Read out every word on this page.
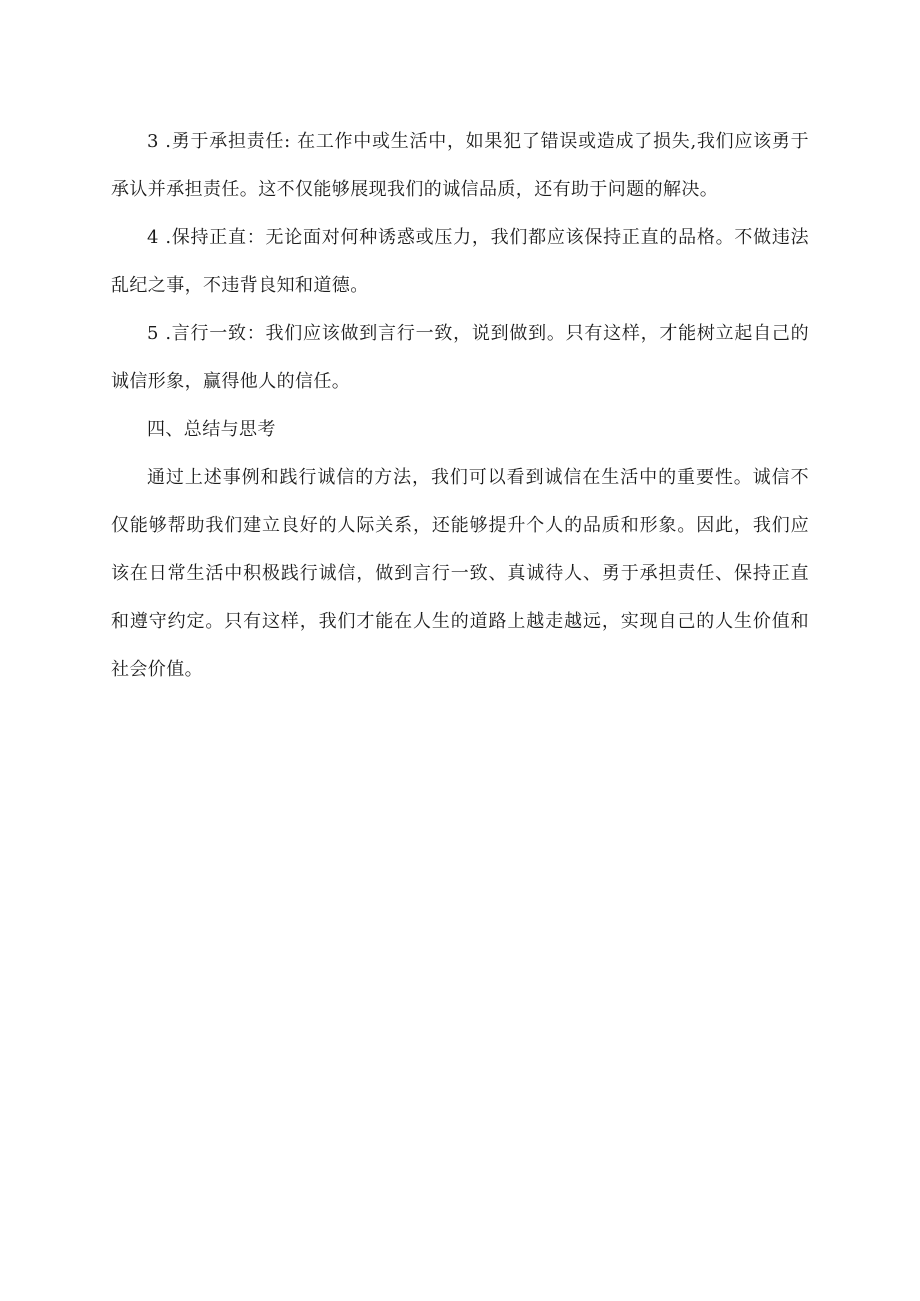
3 .勇于承担责任: 在工作中或生活中，如果犯了错误或造成了损失,我们应该勇于承认并承担责任。这不仅能够展现我们的诚信品质，还有助于问题的解决。

4 .保持正直：无论面对何种诱惑或压力，我们都应该保持正直的品格。不做违法乱纪之事，不违背良知和道德。

5 .言行一致：我们应该做到言行一致，说到做到。只有这样，才能树立起自己的诚信形象，赢得他人的信任。

四、总结与思考

通过上述事例和践行诚信的方法，我们可以看到诚信在生活中的重要性。诚信不仅能够帮助我们建立良好的人际关系，还能够提升个人的品质和形象。因此，我们应该在日常生活中积极践行诚信，做到言行一致、真诚待人、勇于承担责任、保持正直和遵守约定。只有这样，我们才能在人生的道路上越走越远，实现自己的人生价值和社会价值。
